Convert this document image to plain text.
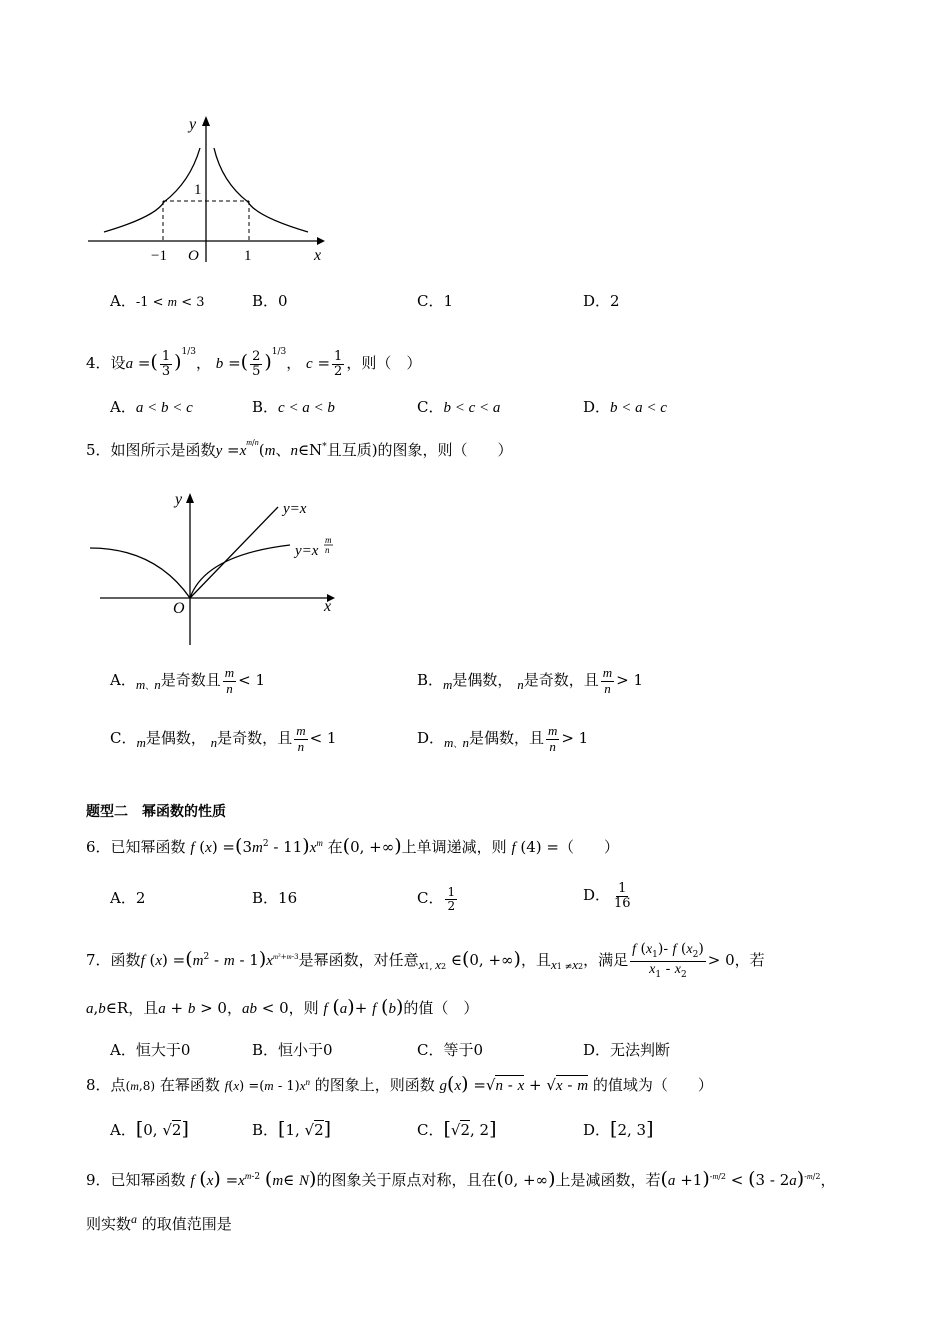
y
1
−1 O	1	x
A．-1 < m < 3	B．0	C．1	D．2
4．设a =( $\frac{1}{3} )^{1/3}$， b =( $\frac{2}{5} )^{1/3}$， $c = \frac{1}{2}$ ，则（　）
A．a < b < c	B．c < a < b	C．b < c < a	D．b < a < c
5．如图所示是函数$y =x^{m/n}(m$、n∈N*且互质)的图象，则（　　）
y
y=x
y=x
m
n
O	x
A．$_{m、n}$是奇数且 $\frac{m}{n} < 1$	B．$_m$是偶数， $_n$是奇数，且 $\frac{m}{n} > 1$
C．$_m$是偶数， $_n$是奇数，且 $\frac{m}{n} < 1$	D．$_{m、n}$是偶数，且 $\frac{m}{n} > 1$
题型二　幂函数的性质
6．已知幂函数 f $(x) =(3m^2 - 11)x^m$ 在(0, +∞)上单调递减，则 f (4) =（　　）
A．2	B．16	C． $\frac{1}{2}$	D． $\frac{1}{16}$
7．函数f $(x) =(m^2 - m - 1)x^{m^2+m-3}$是幂函数，对任意$_{x1, x2}$ ∈(0, +∞)，且$_{x1 \ne x2}$，满足 $\frac{f (x_1)- f (x_2)}{x_1 - x_2} > 0$，若
a,b∈R，且a + b > 0，ab < 0，则 f (a)+ f (b)的值（　）
A．恒大于0	B．恒小于0	C．等于0	D．无法判断
8．点(m,8) 在幂函数 $f(x) =(m - 1)x^n$ 的图象上，则函数 g(x) =√n - x + √x - m 的值域为（　　）
A．[0, √2]	B．[1, √2]	C．[√2, 2]	D．[2, 3]
9．已知幂函数 f $(x) =x^{m-2}$ (m∈ N)的图象关于原点对称，且在(0, +∞)上是减函数，若$(a +1)^{-m/2} < (3 - 2a)^{-m/2}$，
则实数$^a$ 的取值范围是
